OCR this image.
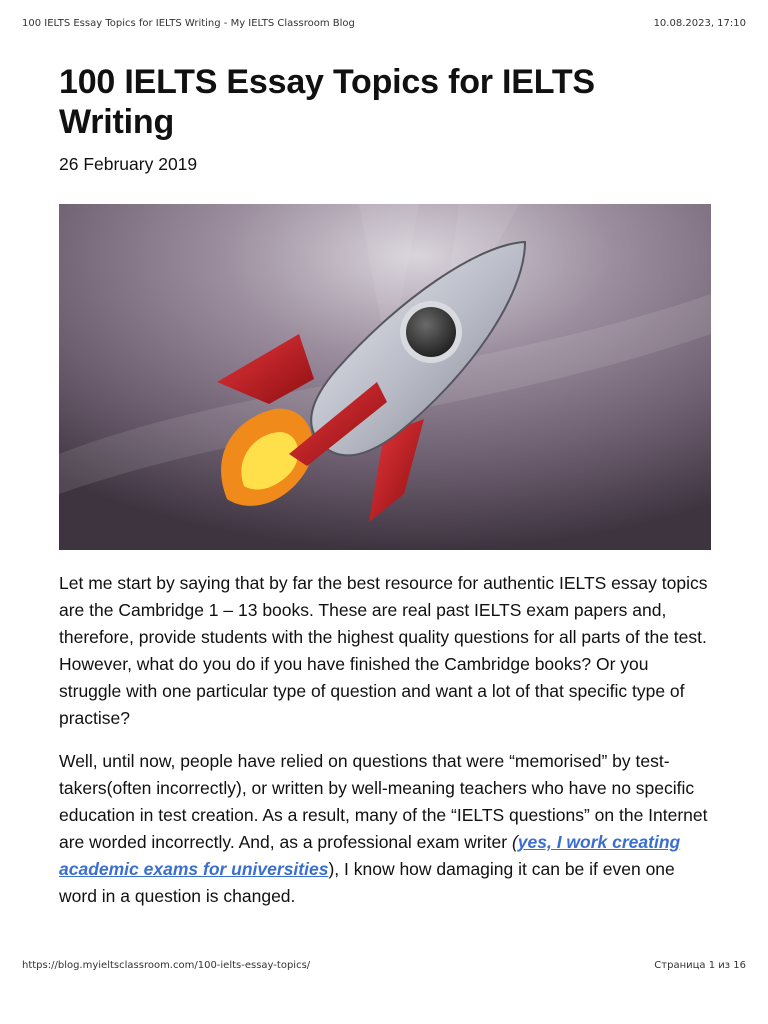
100 IELTS Essay Topics for IELTS Writing - My IELTS Classroom Blog	10.08.2023, 17:10
100 IELTS Essay Topics for IELTS Writing
26 February 2019

Let me start by saying that by far the best resource for authentic IELTS essay topics are the Cambridge 1 – 13 books. These are real past IELTS exam papers and, therefore, provide students with the highest quality questions for all parts of the test. However, what do you do if you have finished the Cambridge books? Or you struggle with one particular type of question and want a lot of that specific type of practise?

Well, until now, people have relied on questions that were “memorised” by test-takers(often incorrectly), or written by well-meaning teachers who have no specific education in test creation. As a result, many of the “IELTS questions” on the Internet are worded incorrectly. And, as a professional exam writer (yes, I work creating academic exams for universities), I know how damaging it can be if even one word in a question is changed.

https://blog.myieltsclassroom.com/100-ielts-essay-topics/	Страница 1 из 16
